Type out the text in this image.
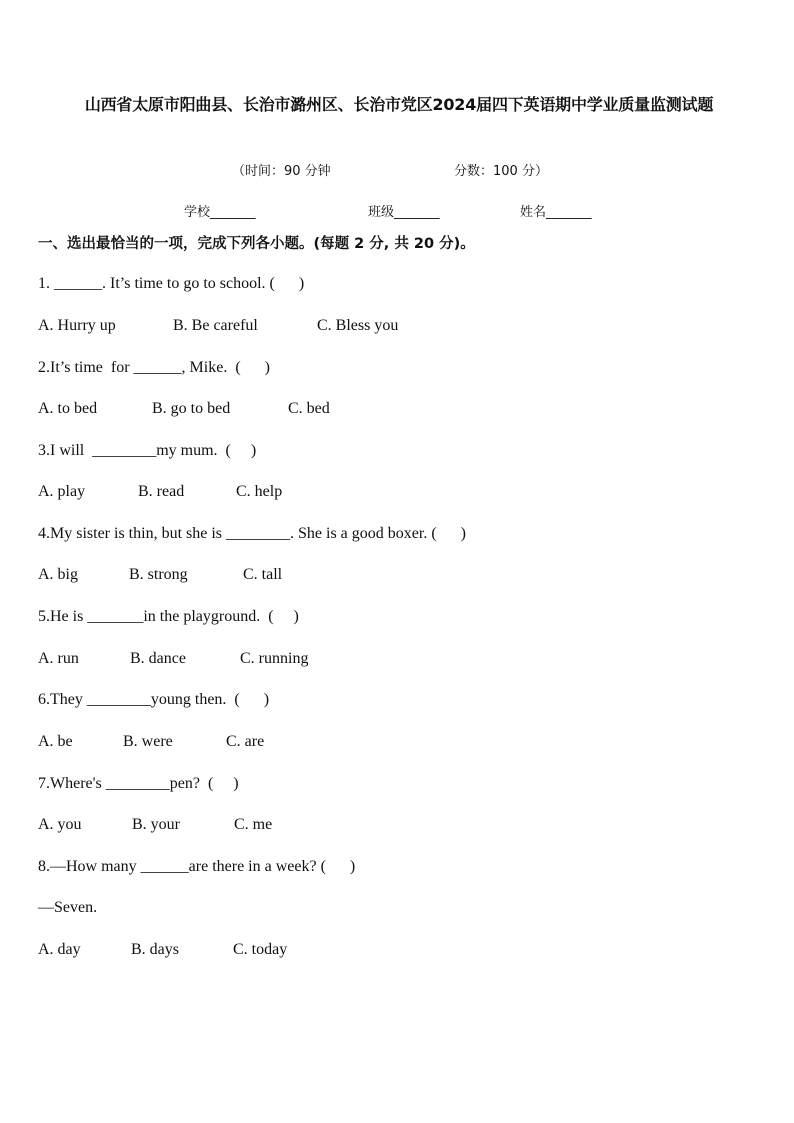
山西省太原市阳曲县、长治市潞州区、长治市党区2024届四下英语期中学业质量监测试题
（时间：90 分钟	分数：100 分）
学校_______	班级_______	姓名_______
一、选出最恰当的一项，完成下列各小题。(每题 2 分, 共 20 分)。
1. ______. It’s time to go to school. (      )
A. Hurry up	B. Be careful	C. Bless you
2.It’s time  for ______, Mike.  (      )
A. to bed	B. go to bed	C. bed
3.I will  ________my mum.  (     )
A. play	B. read	C. help
4.My sister is thin, but she is ________. She is a good boxer. (      )
A. big	B. strong	C. tall
5.He is _______in the playground.  (     )
A. run	B. dance	C. running
6.They ________young then.  (      )
A. be	B. were	C. are
7.Where's ________pen?  (     )
A. you	B. your	C. me
8.—How many ______are there in a week? (      )
—Seven.
A. day	B. days	C. today
